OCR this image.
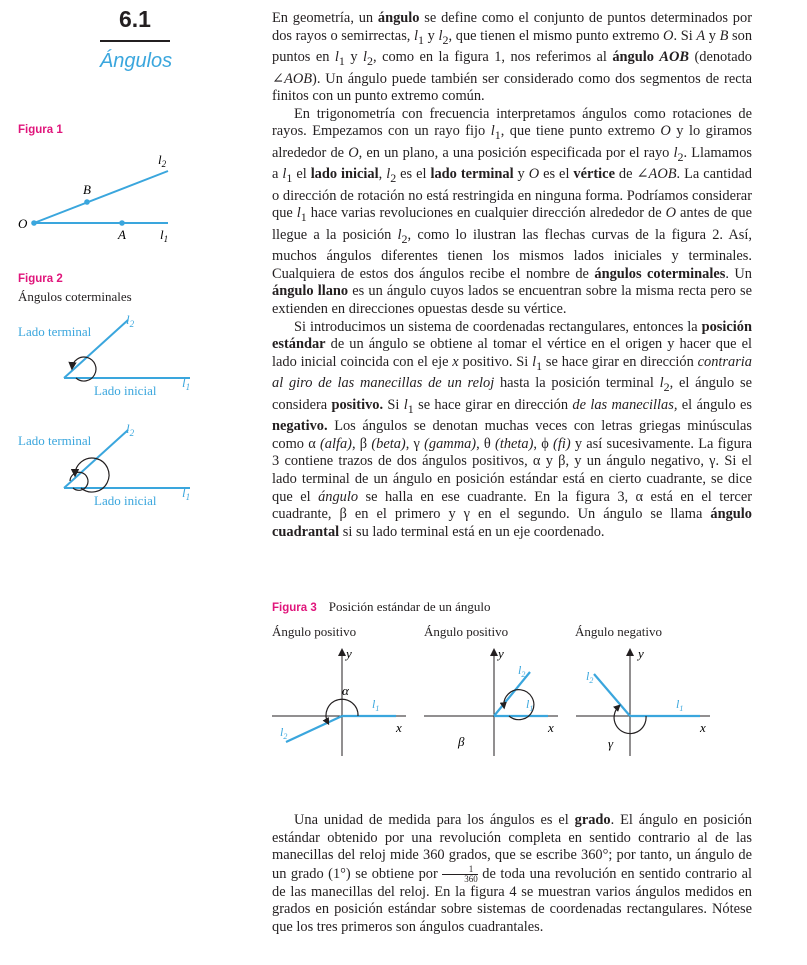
6.1
Ángulos
Figura 1
O
B
A
$l_2$
$l_1$
Figura 2
Ángulos coterminales
Lado terminal
Lado inicial
$l_2$
$l_1$
Lado terminal
Lado inicial
$l_2$
$l_1$

En geometría, un ángulo se define como el conjunto de puntos determinados por dos rayos o semirrectas, $l_1$ y $l_2$, que tienen el mismo punto extremo O. Si A y B son puntos en $l_1$ y $l_2$, como en la figura 1, nos referimos al ángulo AOB (denotado ∠AOB). Un ángulo puede también ser considerado como dos segmentos de recta finitos con un punto extremo común.

En trigonometría con frecuencia interpretamos ángulos como rotaciones de rayos. Empezamos con un rayo fijo $l_1$, que tiene punto extremo O y lo giramos alrededor de O, en un plano, a una posición especificada por el rayo $l_2$. Llamamos a $l_1$ el lado inicial, $l_2$ es el lado terminal y O es el vértice de ∠AOB. La cantidad o dirección de rotación no está restringida en ninguna forma. Podríamos considerar que $l_1$ hace varias revoluciones en cualquier dirección alrededor de O antes de que llegue a la posición $l_2$, como lo ilustran las flechas curvas de la figura 2. Así, muchos ángulos diferentes tienen los mismos lados iniciales y terminales. Cualquiera de estos dos ángulos recibe el nombre de ángulos coterminales. Un ángulo llano es un ángulo cuyos lados se encuentran sobre la misma recta pero se extienden en direcciones opuestas desde su vértice.

Si introducimos un sistema de coordenadas rectangulares, entonces la posición estándar de un ángulo se obtiene al tomar el vértice en el origen y hacer que el lado inicial coincida con el eje x positivo. Si $l_1$ se hace girar en dirección contraria al giro de las manecillas de un reloj hasta la posición terminal $l_2$, el ángulo se considera positivo. Si $l_1$ se hace girar en dirección de las manecillas, el ángulo es negativo. Los ángulos se denotan muchas veces con letras griegas minúsculas como α (alfa), β (beta), γ (gamma), θ (theta), ϕ (fi) y así sucesivamente. La figura 3 contiene trazos de dos ángulos positivos, α y β, y un ángulo negativo, γ. Si el lado terminal de un ángulo en posición estándar está en cierto cuadrante, se dice que el ángulo se halla en ese cuadrante. En la figura 3, α está en el tercer cuadrante, β en el primero y γ en el segundo. Un ángulo se llama ángulo cuadrantal si su lado terminal está en un eje coordenado.

Figura 3 Posición estándar de un ángulo
Ángulo positivo	Ángulo positivo	Ángulo negativo
y
x
α
$l_1$
$l_2$
y
x
β
$l_1$
$l_2$
y
x
γ
$l_1$
$l_2$

Una unidad de medida para los ángulos es el grado. El ángulo en posición estándar obtenido por una revolución completa en sentido contrario al de las manecillas del reloj mide 360 grados, que se escribe 360°; por tanto, un ángulo de un grado (1°) se obtiene por $\frac{1}{360}$ de toda una revolución en sentido contrario al de las manecillas del reloj. En la figura 4 se muestran varios ángulos medidos en grados en posición estándar sobre sistemas de coordenadas rectangulares. Nótese que los tres primeros son ángulos cuadrantales.
